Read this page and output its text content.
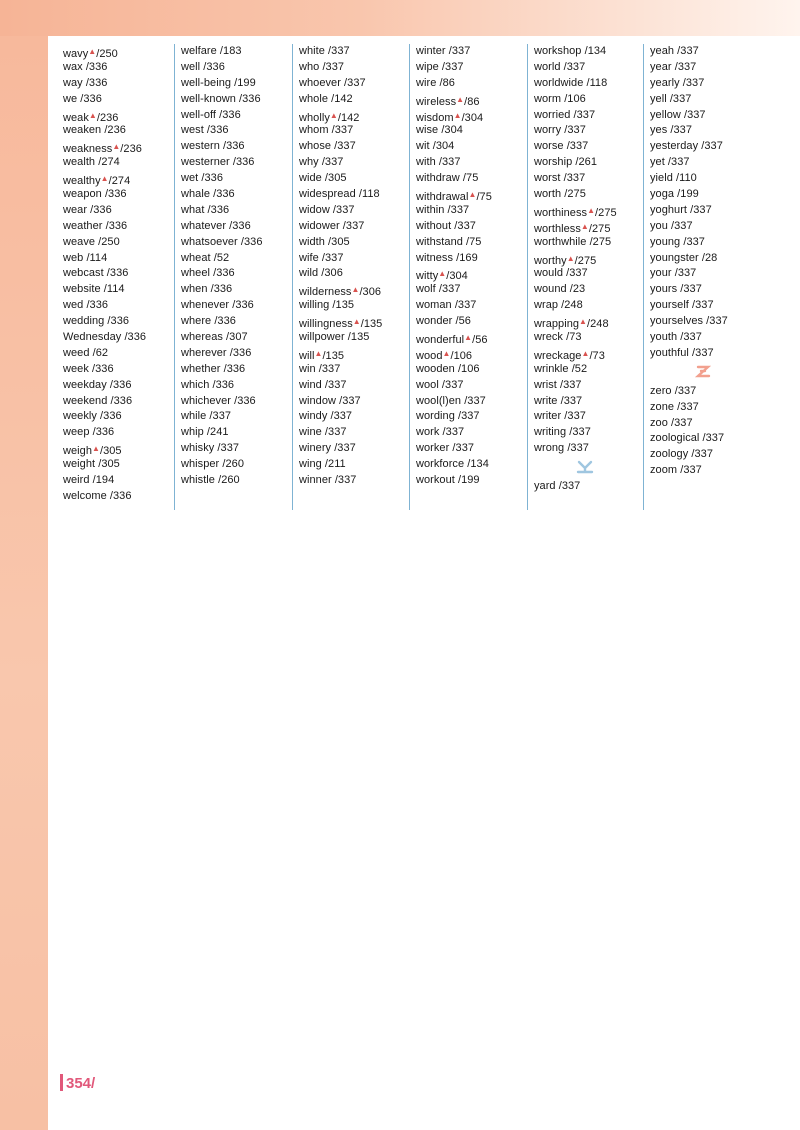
wavy▲/250
wax /336
way /336
we /336
weak▲/236
weaken /236
weakness▲/236
wealth /274
wealthy▲/274
weapon /336
wear /336
weather /336
weave /250
web /114
webcast /336
website /114
wed /336
wedding /336
Wednesday /336
weed /62
week /336
weekday /336
weekend /336
weekly /336
weep /336
weigh▲/305
weight /305
weird /194
welcome /336
welfare /183
well /336
well-being /199
well-known /336
well-off /336
west /336
western /336
westerner /336
wet /336
whale /336
what /336
whatever /336
whatsoever /336
wheat /52
wheel /336
when /336
whenever /336
where /336
whereas /307
wherever /336
whether /336
which /336
whichever /336
while /337
whip /241
whisky /337
whisper /260
whistle /260
white /337
who /337
whoever /337
whole /142
wholly▲/142
whom /337
whose /337
why /337
wide /305
widespread /118
widow /337
widower /337
width /305
wife /337
wild /306
wilderness▲/306
willing /135
willingness▲/135
willpower /135
will▲/135
win /337
wind /337
window /337
windy /337
wine /337
winery /337
wing /211
winner /337
winter /337
wipe /337
wire /86
wireless▲/86
wisdom▲/304
wise /304
wit /304
with /337
withdraw /75
withdrawal▲/75
within /337
without /337
withstand /75
witness /169
witty▲/304
wolf /337
woman /337
wonder /56
wonderful▲/56
wood▲/106
wooden /106
wool /337
wool(l)en /337
wording /337
work /337
worker /337
workforce /134
workout /199
workshop /134
world /337
worldwide /118
worm /106
worried /337
worry /337
worse /337
worship /261
worst /337
worth /275
worthiness▲/275
worthless▲/275
worthwhile /275
worthy▲/275
would /337
wound /23
wrap /248
wrapping▲/248
wreck /73
wreckage▲/73
wrinkle /52
wrist /337
write /337
writer /337
writing /337
wrong /337
yard /337
yeah /337
year /337
yearly /337
yell /337
yellow /337
yes /337
yesterday /337
yet /337
yield /110
yoga /199
yoghurt /337
you /337
young /337
youngster /28
your /337
yours /337
yourself /337
yourselves /337
youth /337
youthful /337
zero /337
zone /337
zoo /337
zoological /337
zoology /337
zoom /337
354/
